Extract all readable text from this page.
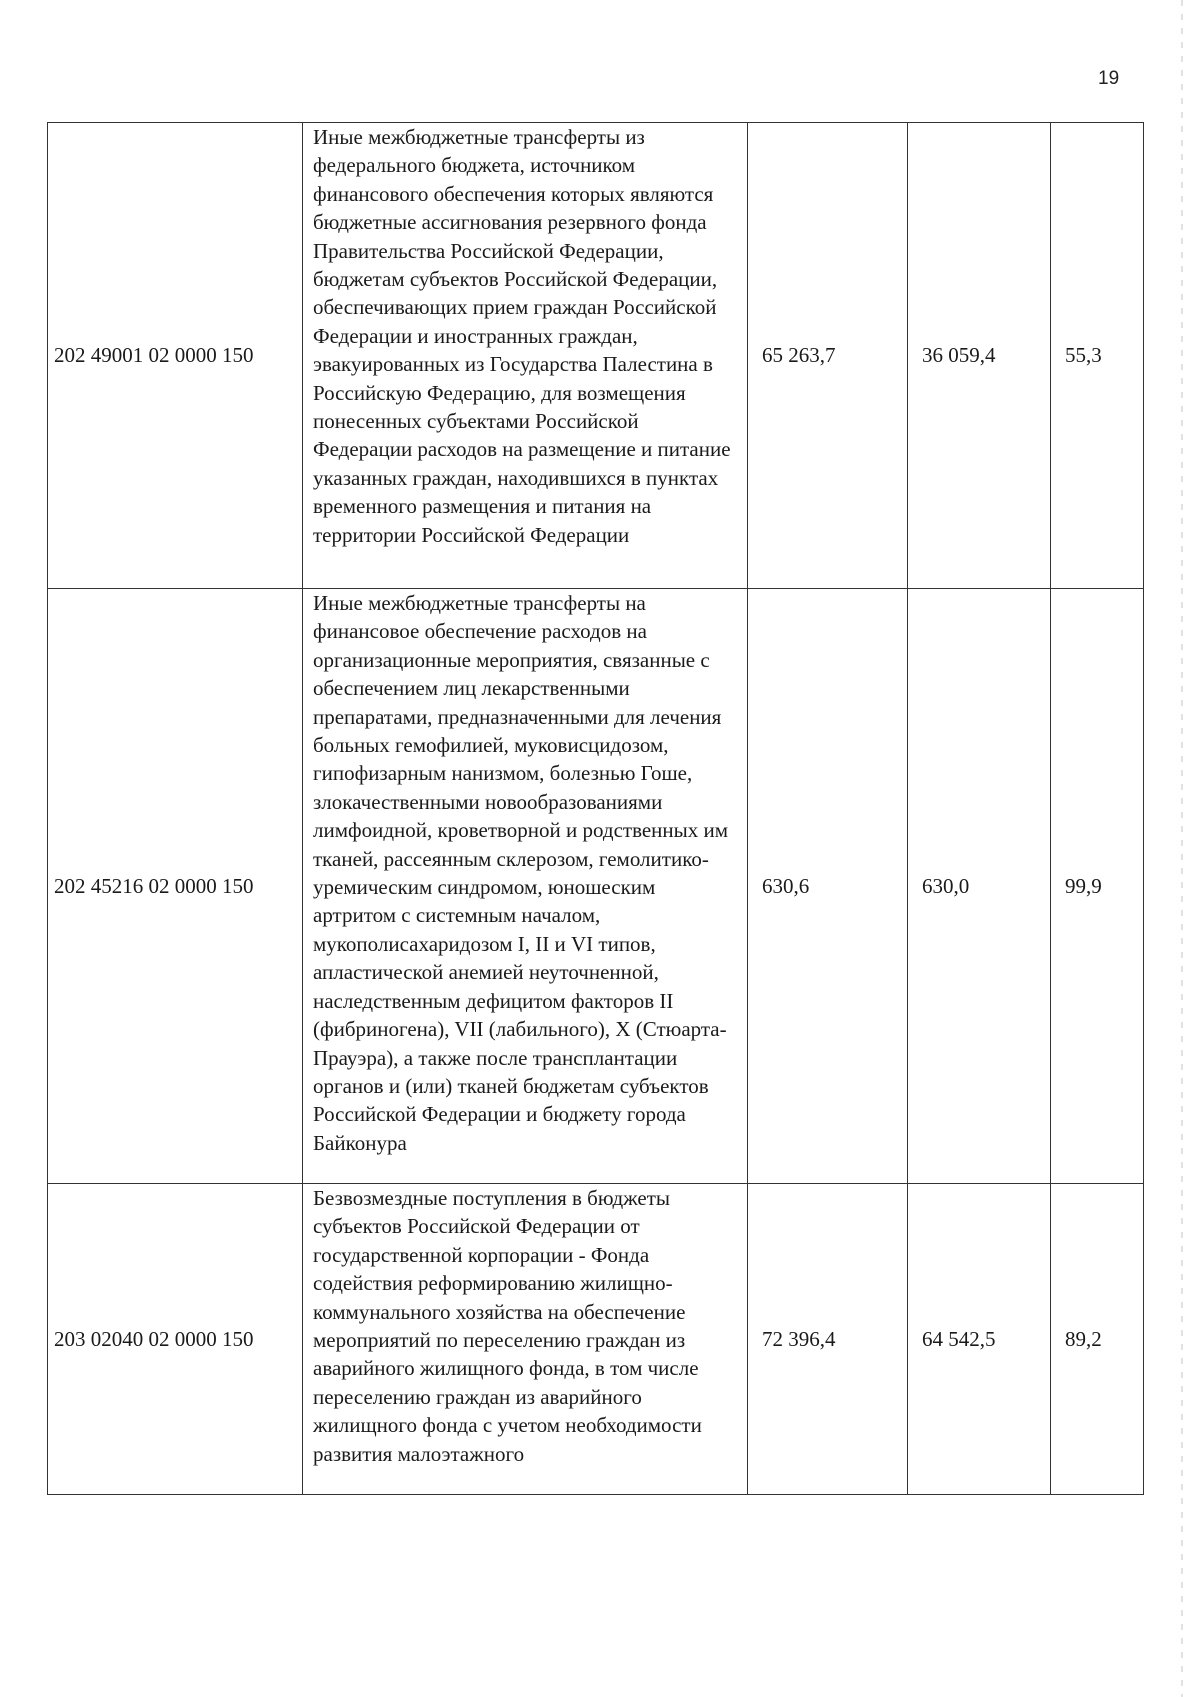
19
202 49001 02 0000 150	Иные межбюджетные трансферты из федерального бюджета, источником финансового обеспечения которых являются бюджетные ассигнования резервного фонда Правительства Российской Федерации, бюджетам субъектов Российской Федерации, обеспечивающих прием граждан Российской Федерации и иностранных граждан, эвакуированных из Государства Палестина в Российскую Федерацию, для возмещения понесенных субъектами Российской Федерации расходов на размещение и питание указанных граждан, находившихся в пунктах временного размещения и питания на территории Российской Федерации	65 263,7	36 059,4	55,3
202 45216 02 0000 150	Иные межбюджетные трансферты на финансовое обеспечение расходов на организационные мероприятия, связанные с обеспечением лиц лекарственными препаратами, предназначенными для лечения больных гемофилией, муковисцидозом, гипофизарным нанизмом, болезнью Гоше, злокачественными новообразованиями лимфоидной, кроветворной и родственных им тканей, рассеянным склерозом, гемолитико-уремическим синдромом, юношеским артритом с системным началом, мукополисахаридозом I, II и VI типов, апластической анемией неуточненной, наследственным дефицитом факторов II (фибриногена), VII (лабильного), X (Стюарта-Прауэра), а также после трансплантации органов и (или) тканей бюджетам субъектов Российской Федерации и бюджету города Байконура	630,6	630,0	99,9
203 02040 02 0000 150	Безвозмездные поступления в бюджеты субъектов Российской Федерации от государственной корпорации - Фонда содействия реформированию жилищно-коммунального хозяйства на обеспечение мероприятий по переселению граждан из аварийного жилищного фонда, в том числе переселению граждан из аварийного жилищного фонда с учетом необходимости развития малоэтажного	72 396,4	64 542,5	89,2
